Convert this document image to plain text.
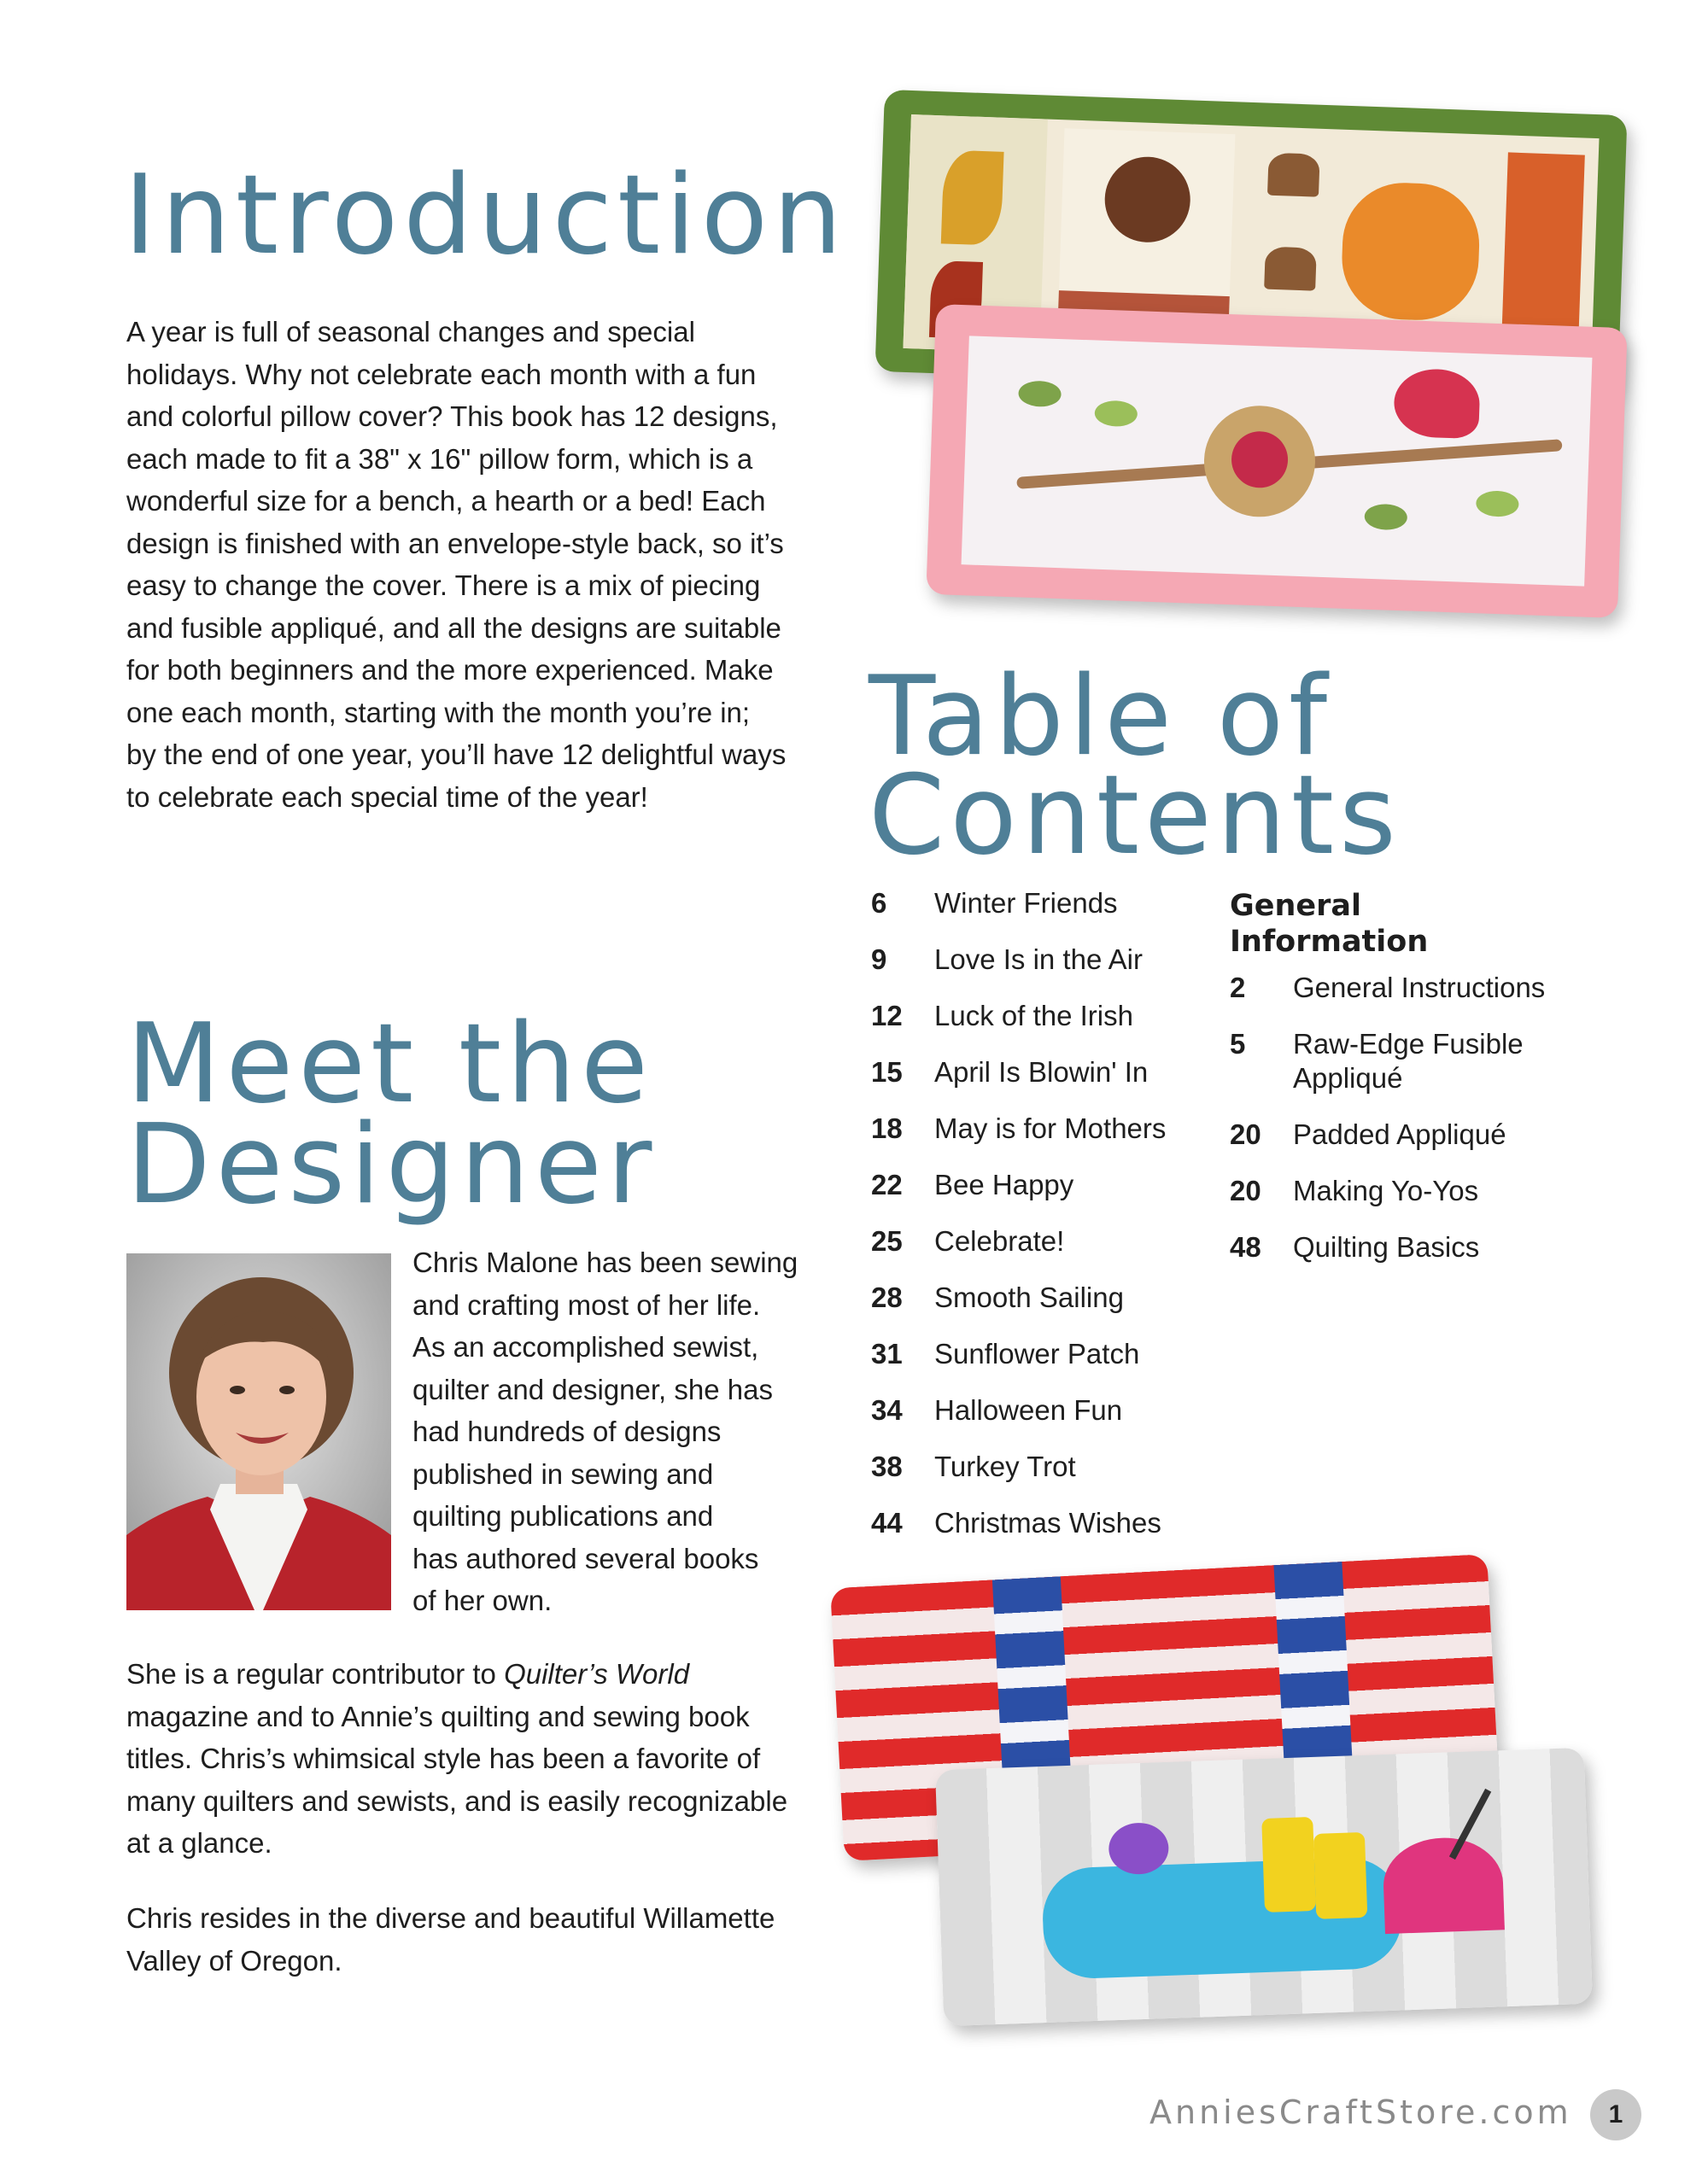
Introduction

A year is full of seasonal changes and special

holidays. Why not celebrate each month with a fun

and colorful pillow cover? This book has 12 designs,

each made to fit a 38" x 16" pillow form, which is a

wonderful size for a bench, a hearth or a bed! Each

design is finished with an envelope-style back, so it’s

easy to change the cover. There is a mix of piecing

and fusible appliqué, and all the designs are suitable

for both beginners and the more experienced. Make

one each month, starting with the month you’re in;

by the end of one year, you’ll have 12 delightful ways

to celebrate each special time of the year!

Meet the
Designer

Chris Malone has been sewing

and crafting most of her life.

As an accomplished sewist,

quilter and designer, she has

had hundreds of designs

published in sewing and

quilting publications and

has authored several books

of her own.

She is a regular contributor to Quilter’s World

magazine and to Annie’s quilting and sewing book

titles. Chris’s whimsical style has been a favorite of

many quilters and sewists, and is easily recognizable

at a glance.

Chris resides in the diverse and beautiful Willamette

Valley of Oregon.

Table of
Contents
6	Winter Friends
9	Love Is in the Air
12	Luck of the Irish
15	April Is Blowin' In
18	May is for Mothers
22	Bee Happy
25	Celebrate!
28	Smooth Sailing
31	Sunflower Patch
34	Halloween Fun
38	Turkey Trot
44	Christmas Wishes
General
Information
2	General Instructions
5	Raw-Edge Fusible
Appliqué
20	Padded Appliqué
20	Making Yo-Yos
48	Quilting Basics
AnniesCraftStore.com 1
